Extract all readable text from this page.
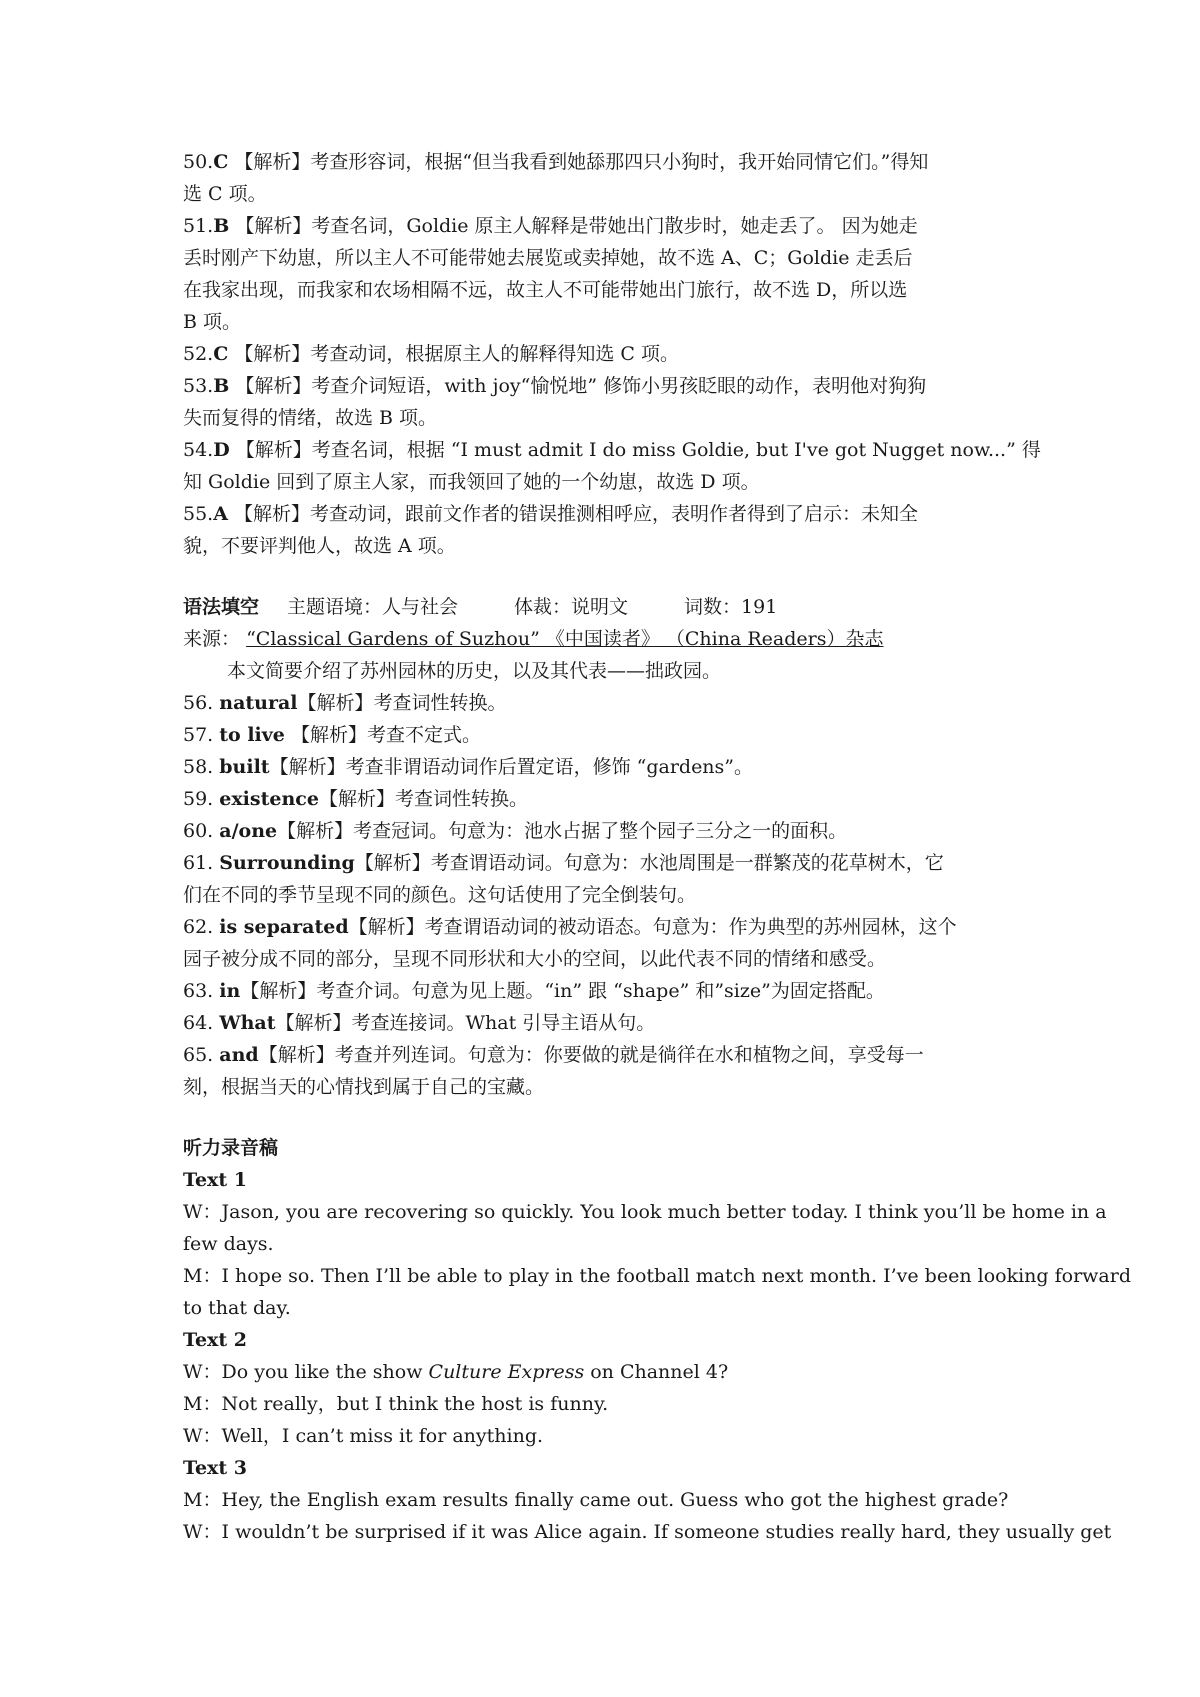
50.C 【解析】考查形容词，根据“但当我看到她舔那四只小狗时，我开始同情它们。”得知
选 C 项。
51.B 【解析】考查名词，Goldie 原主人解释是带她出门散步时，她走丢了。 因为她走
丢时刚产下幼崽，所以主人不可能带她去展览或卖掉她，故不选 A、C；Goldie 走丢后
在我家出现，而我家和农场相隔不远，故主人不可能带她出门旅行，故不选 D，所以选
B 项。
52.C 【解析】考查动词，根据原主人的解释得知选 C 项。
53.B 【解析】考查介词短语，with joy“愉悦地” 修饰小男孩眨眼的动作，表明他对狗狗
失而复得的情绪，故选 B 项。
54.D 【解析】考查名词，根据 “I must admit I do miss Goldie, but I've got Nugget now...” 得
知 Goldie 回到了原主人家，而我领回了她的一个幼崽，故选 D 项。
55.A 【解析】考查动词，跟前文作者的错误推测相呼应，表明作者得到了启示：未知全
貌，不要评判他人，故选 A 项。
语法填空 主题语境：人与社会	体裁：说明文	词数：191
来源： “Classical Gardens of Suzhou” 《中国读者》 （China Readers）杂志
本文简要介绍了苏州园林的历史，以及其代表——拙政园。
56. natural【解析】考查词性转换。
57. to live 【解析】考查不定式。
58. built【解析】考查非谓语动词作后置定语，修饰 “gardens”。
59. existence【解析】考查词性转换。
60. a/one【解析】考查冠词。句意为：池水占据了整个园子三分之一的面积。
61. Surrounding【解析】考查谓语动词。句意为：水池周围是一群繁茂的花草树木，它
们在不同的季节呈现不同的颜色。这句话使用了完全倒装句。
62. is separated【解析】考查谓语动词的被动语态。句意为：作为典型的苏州园林，这个
园子被分成不同的部分，呈现不同形状和大小的空间，以此代表不同的情绪和感受。
63. in【解析】考查介词。句意为见上题。“in” 跟 “shape” 和”size”为固定搭配。
64. What【解析】考查连接词。What 引导主语从句。
65. and【解析】考查并列连词。句意为：你要做的就是徜徉在水和植物之间，享受每一
刻，根据当天的心情找到属于自己的宝藏。
听力录音稿
Text 1
W：Jason, you are recovering so quickly. You look much better today. I think you’ll be home in a
few days.
M：I hope so. Then I’ll be able to play in the football match next month. I’ve been looking forward
to that day.
Text 2
W：Do you like the show Culture Express on Channel 4?
M：Not really，but I think the host is funny.
W：Well，I can’t miss it for anything.
Text 3
M：Hey, the English exam results finally came out. Guess who got the highest grade?
W：I wouldn’t be surprised if it was Alice again. If someone studies really hard, they usually get
